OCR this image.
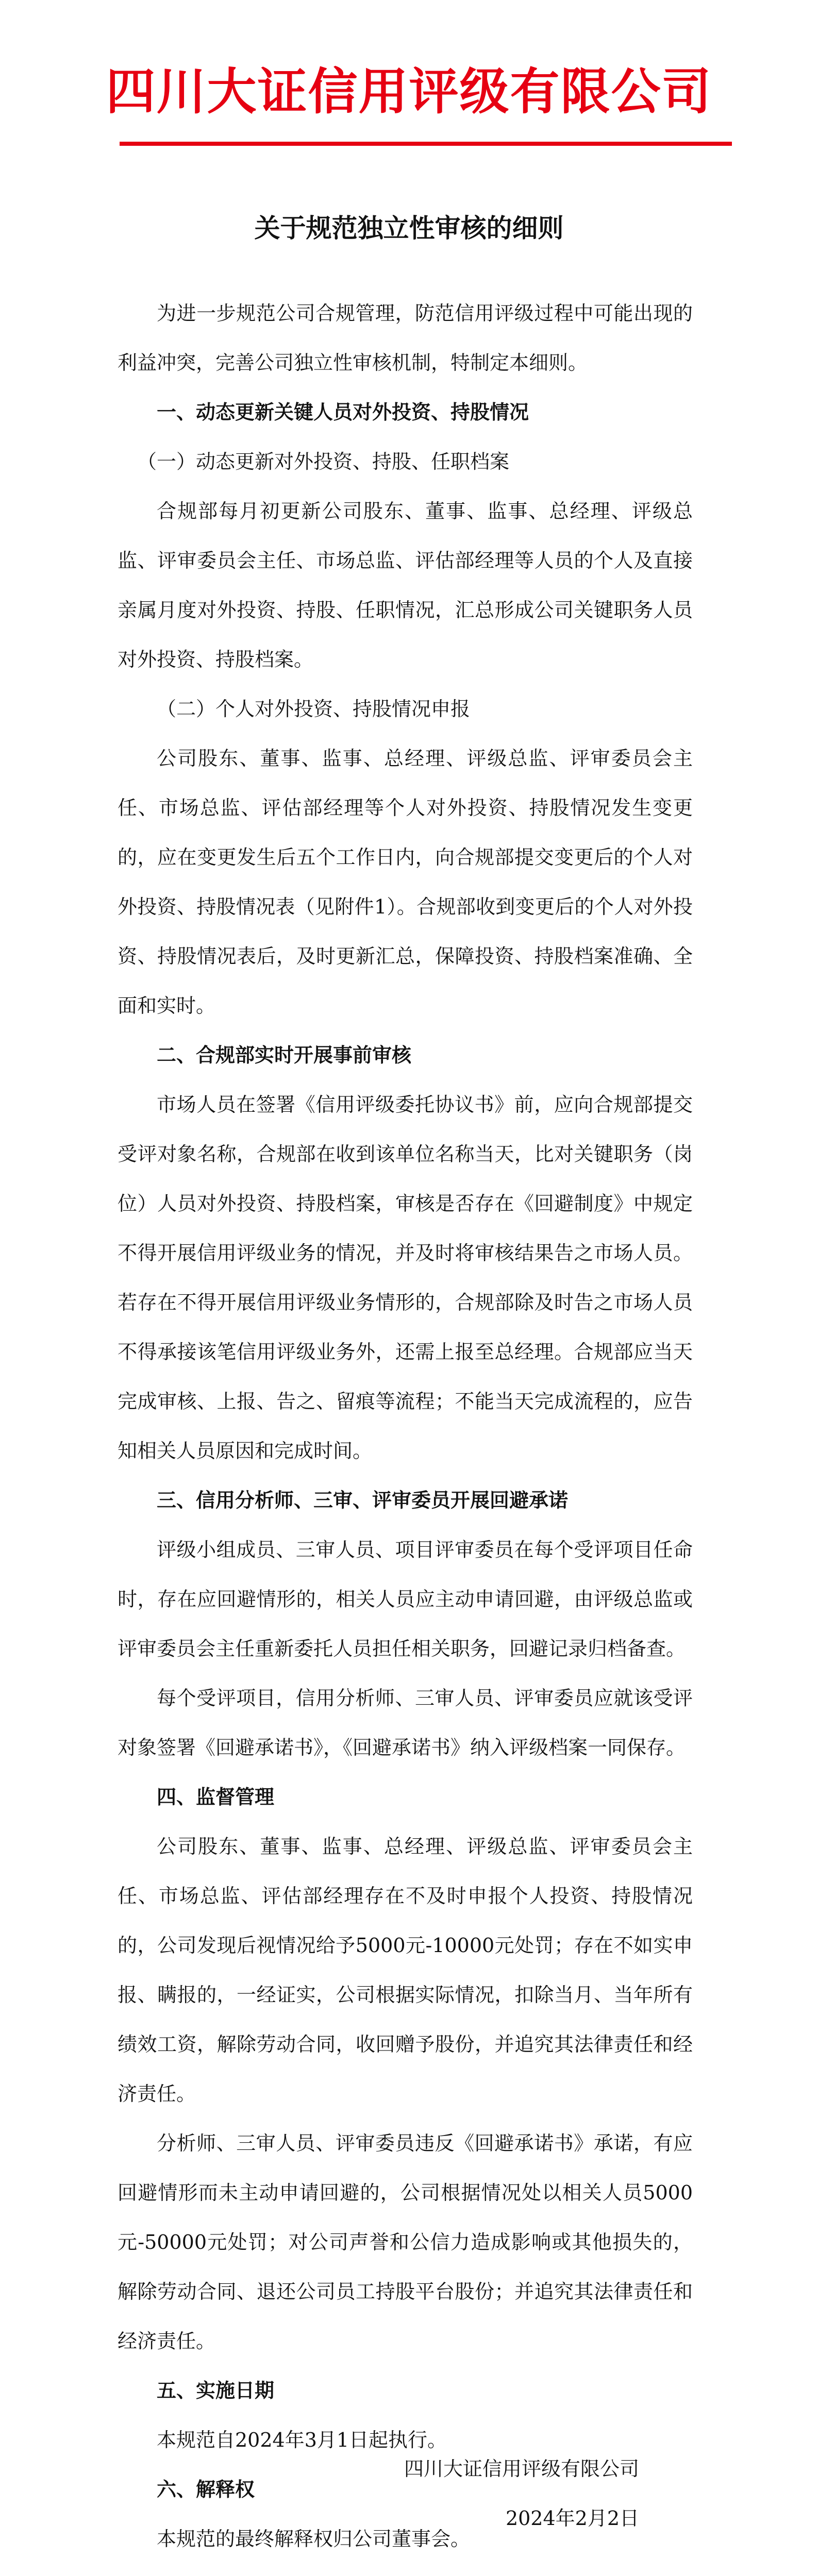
四川大证信用评级有限公司
关于规范独立性审核的细则

为进一步规范公司合规管理，防范信用评级过程中可能出现的利益冲突，完善公司独立性审核机制，特制定本细则。

一、动态更新关键人员对外投资、持股情况

（一）动态更新对外投资、持股、任职档案

合规部每月初更新公司股东、董事、监事、总经理、评级总监、评审委员会主任、市场总监、评估部经理等人员的个人及直接亲属月度对外投资、持股、任职情况，汇总形成公司关键职务人员对外投资、持股档案。

（二）个人对外投资、持股情况申报

公司股东、董事、监事、总经理、评级总监、评审委员会主任、市场总监、评估部经理等个人对外投资、持股情况发生变更的，应在变更发生后五个工作日内，向合规部提交变更后的个人对外投资、持股情况表（见附件1）。合规部收到变更后的个人对外投资、持股情况表后，及时更新汇总，保障投资、持股档案准确、全面和实时。

二、合规部实时开展事前审核

市场人员在签署《信用评级委托协议书》前，应向合规部提交受评对象名称，合规部在收到该单位名称当天，比对关键职务（岗位）人员对外投资、持股档案，审核是否存在《回避制度》中规定不得开展信用评级业务的情况，并及时将审核结果告之市场人员。若存在不得开展信用评级业务情形的，合规部除及时告之市场人员不得承接该笔信用评级业务外，还需上报至总经理。合规部应当天完成审核、上报、告之、留痕等流程；不能当天完成流程的，应告知相关人员原因和完成时间。

三、信用分析师、三审、评审委员开展回避承诺

评级小组成员、三审人员、项目评审委员在每个受评项目任命时，存在应回避情形的，相关人员应主动申请回避，由评级总监或评审委员会主任重新委托人员担任相关职务，回避记录归档备查。

每个受评项目，信用分析师、三审人员、评审委员应就该受评对象签署《回避承诺书》，《回避承诺书》纳入评级档案一同保存。

四、监督管理

公司股东、董事、监事、总经理、评级总监、评审委员会主任、市场总监、评估部经理存在不及时申报个人投资、持股情况的，公司发现后视情况给予5000元-10000元处罚；存在不如实申报、瞒报的，一经证实，公司根据实际情况，扣除当月、当年所有绩效工资，解除劳动合同，收回赠予股份，并追究其法律责任和经济责任。

分析师、三审人员、评审委员违反《回避承诺书》承诺，有应回避情形而未主动申请回避的，公司根据情况处以相关人员5000元-50000元处罚；对公司声誉和公信力造成影响或其他损失的，解除劳动合同、退还公司员工持股平台股份；并追究其法律责任和经济责任。

五、实施日期

本规范自2024年3月1日起执行。

六、解释权

本规范的最终解释权归公司董事会。

四川大证信用评级有限公司
2024年2月2日
